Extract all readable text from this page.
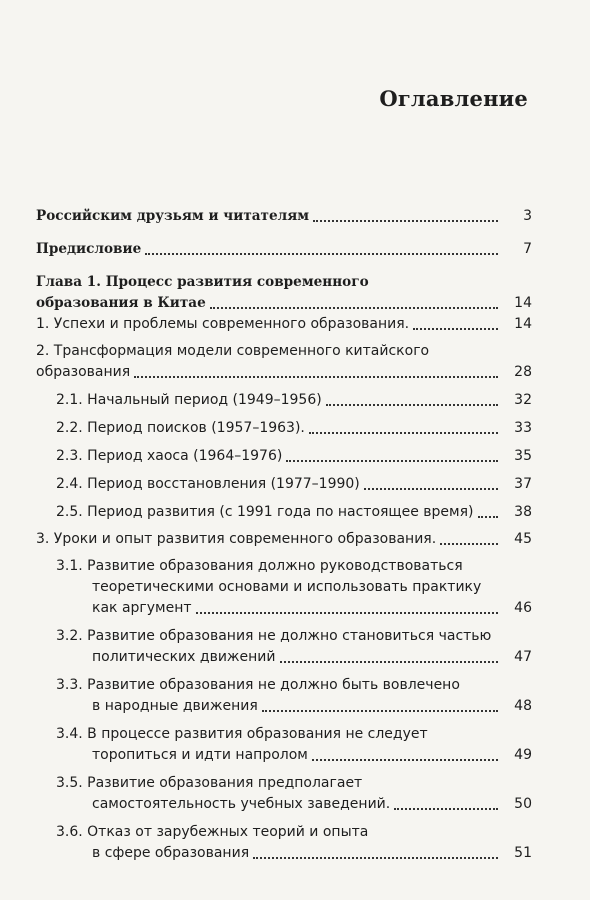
Оглавление
Российским друзьям и читателям	3
Предисловие	7
Глава 1. Процесс развития современного
образования в Китае	14
1. Успехи и проблемы современного образования.	14
2. Трансформация модели современного китайского
образования	28
2.1. Начальный период (1949–1956)	32
2.2. Период поисков (1957–1963).	33
2.3. Период хаоса (1964–1976)	35
2.4. Период восстановления (1977–1990)	37
2.5. Период развития (с 1991 года по настоящее время)	38
3. Уроки и опыт развития современного образования.	45
3.1. Развитие образования должно руководствоваться
теоретическими основами и использовать практику
как аргумент	46
3.2. Развитие образования не должно становиться частью
политических движений	47
3.3. Развитие образования не должно быть вовлечено
в народные движения	48
3.4. В процессе развития образования не следует
торопиться и идти напролом	49
3.5. Развитие образования предполагает
самостоятельность учебных заведений.	50
3.6. Отказ от зарубежных теорий и опыта
в сфере образования	51
